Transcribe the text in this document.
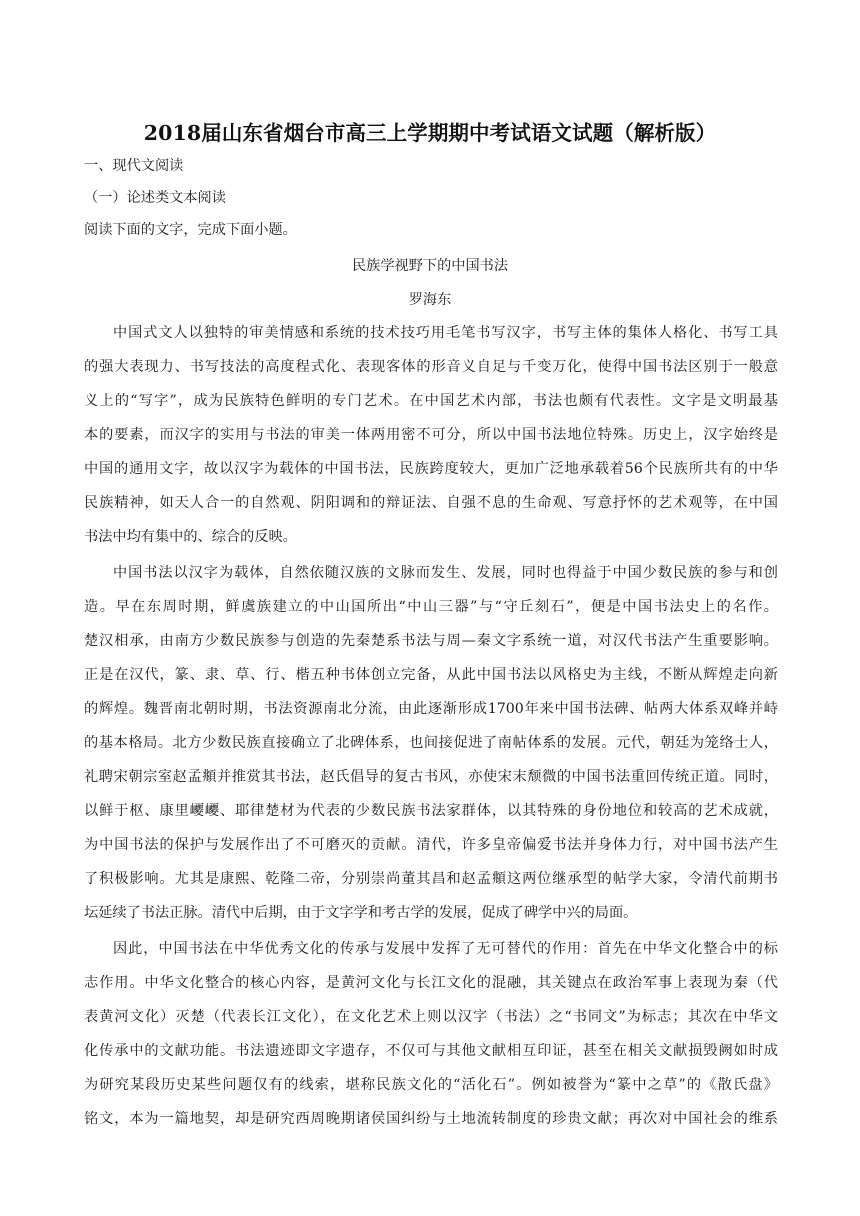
2018届山东省烟台市高三上学期期中考试语文试题（解析版）
一、现代文阅读
（一）论述类文本阅读
阅读下面的文字，完成下面小题。
民族学视野下的中国书法
罗海东
中国式文人以独特的审美情感和系统的技术技巧用毛笔书写汉字，书写主体的集体人格化、书写工具
的强大表现力、书写技法的高度程式化、表现客体的形音义自足与千变万化，使得中国书法区别于一般意
义上的“写字”，成为民族特色鲜明的专门艺术。在中国艺术内部，书法也颇有代表性。文字是文明最基
本的要素，而汉字的实用与书法的审美一体两用密不可分，所以中国书法地位特殊。历史上，汉字始终是
中国的通用文字，故以汉字为载体的中国书法，民族跨度较大，更加广泛地承载着56个民族所共有的中华
民族精神，如天人合一的自然观、阴阳调和的辩证法、自强不息的生命观、写意抒怀的艺术观等，在中国
书法中均有集中的、综合的反映。
中国书法以汉字为载体，自然依随汉族的文脉而发生、发展，同时也得益于中国少数民族的参与和创
造。早在东周时期，鲜虞族建立的中山国所出“中山三器”与“守丘刻石”，便是中国书法史上的名作。
楚汉相承，由南方少数民族参与创造的先秦楚系书法与周—秦文字系统一道，对汉代书法产生重要影响。
正是在汉代，篆、隶、草、行、楷五种书体创立完备，从此中国书法以风格史为主线，不断从辉煌走向新
的辉煌。魏晋南北朝时期，书法资源南北分流，由此逐渐形成1700年来中国书法碑、帖两大体系双峰并峙
的基本格局。北方少数民族直接确立了北碑体系，也间接促进了南帖体系的发展。元代，朝廷为笼络士人，
礼聘宋朝宗室赵孟頫并推赏其书法，赵氏倡导的复古书风，亦使宋末颓微的中国书法重回传统正道。同时，
以鲜于枢、康里巎巎、耶律楚材为代表的少数民族书法家群体，以其特殊的身份地位和较高的艺术成就，
为中国书法的保护与发展作出了不可磨灭的贡献。清代，许多皇帝偏爱书法并身体力行，对中国书法产生
了积极影响。尤其是康熙、乾隆二帝，分别崇尚董其昌和赵孟頫这两位继承型的帖学大家，令清代前期书
坛延续了书法正脉。清代中后期，由于文字学和考古学的发展，促成了碑学中兴的局面。
因此，中国书法在中华优秀文化的传承与发展中发挥了无可替代的作用：首先在中华文化整合中的标
志作用。中华文化整合的核心内容，是黄河文化与长江文化的混融，其关键点在政治军事上表现为秦（代
表黄河文化）灭楚（代表长江文化），在文化艺术上则以汉字（书法）之“书同文”为标志；其次在中华文
化传承中的文献功能。书法遗迹即文字遗存，不仅可与其他文献相互印证，甚至在相关文献损毁阙如时成
为研究某段历史某些问题仅有的线索，堪称民族文化的“活化石”。例如被誉为“篆中之草”的《散氏盘》
铭文，本为一篇地契，却是研究西周晚期诸侯国纠纷与土地流转制度的珍贵文献；再次对中国社会的维系
